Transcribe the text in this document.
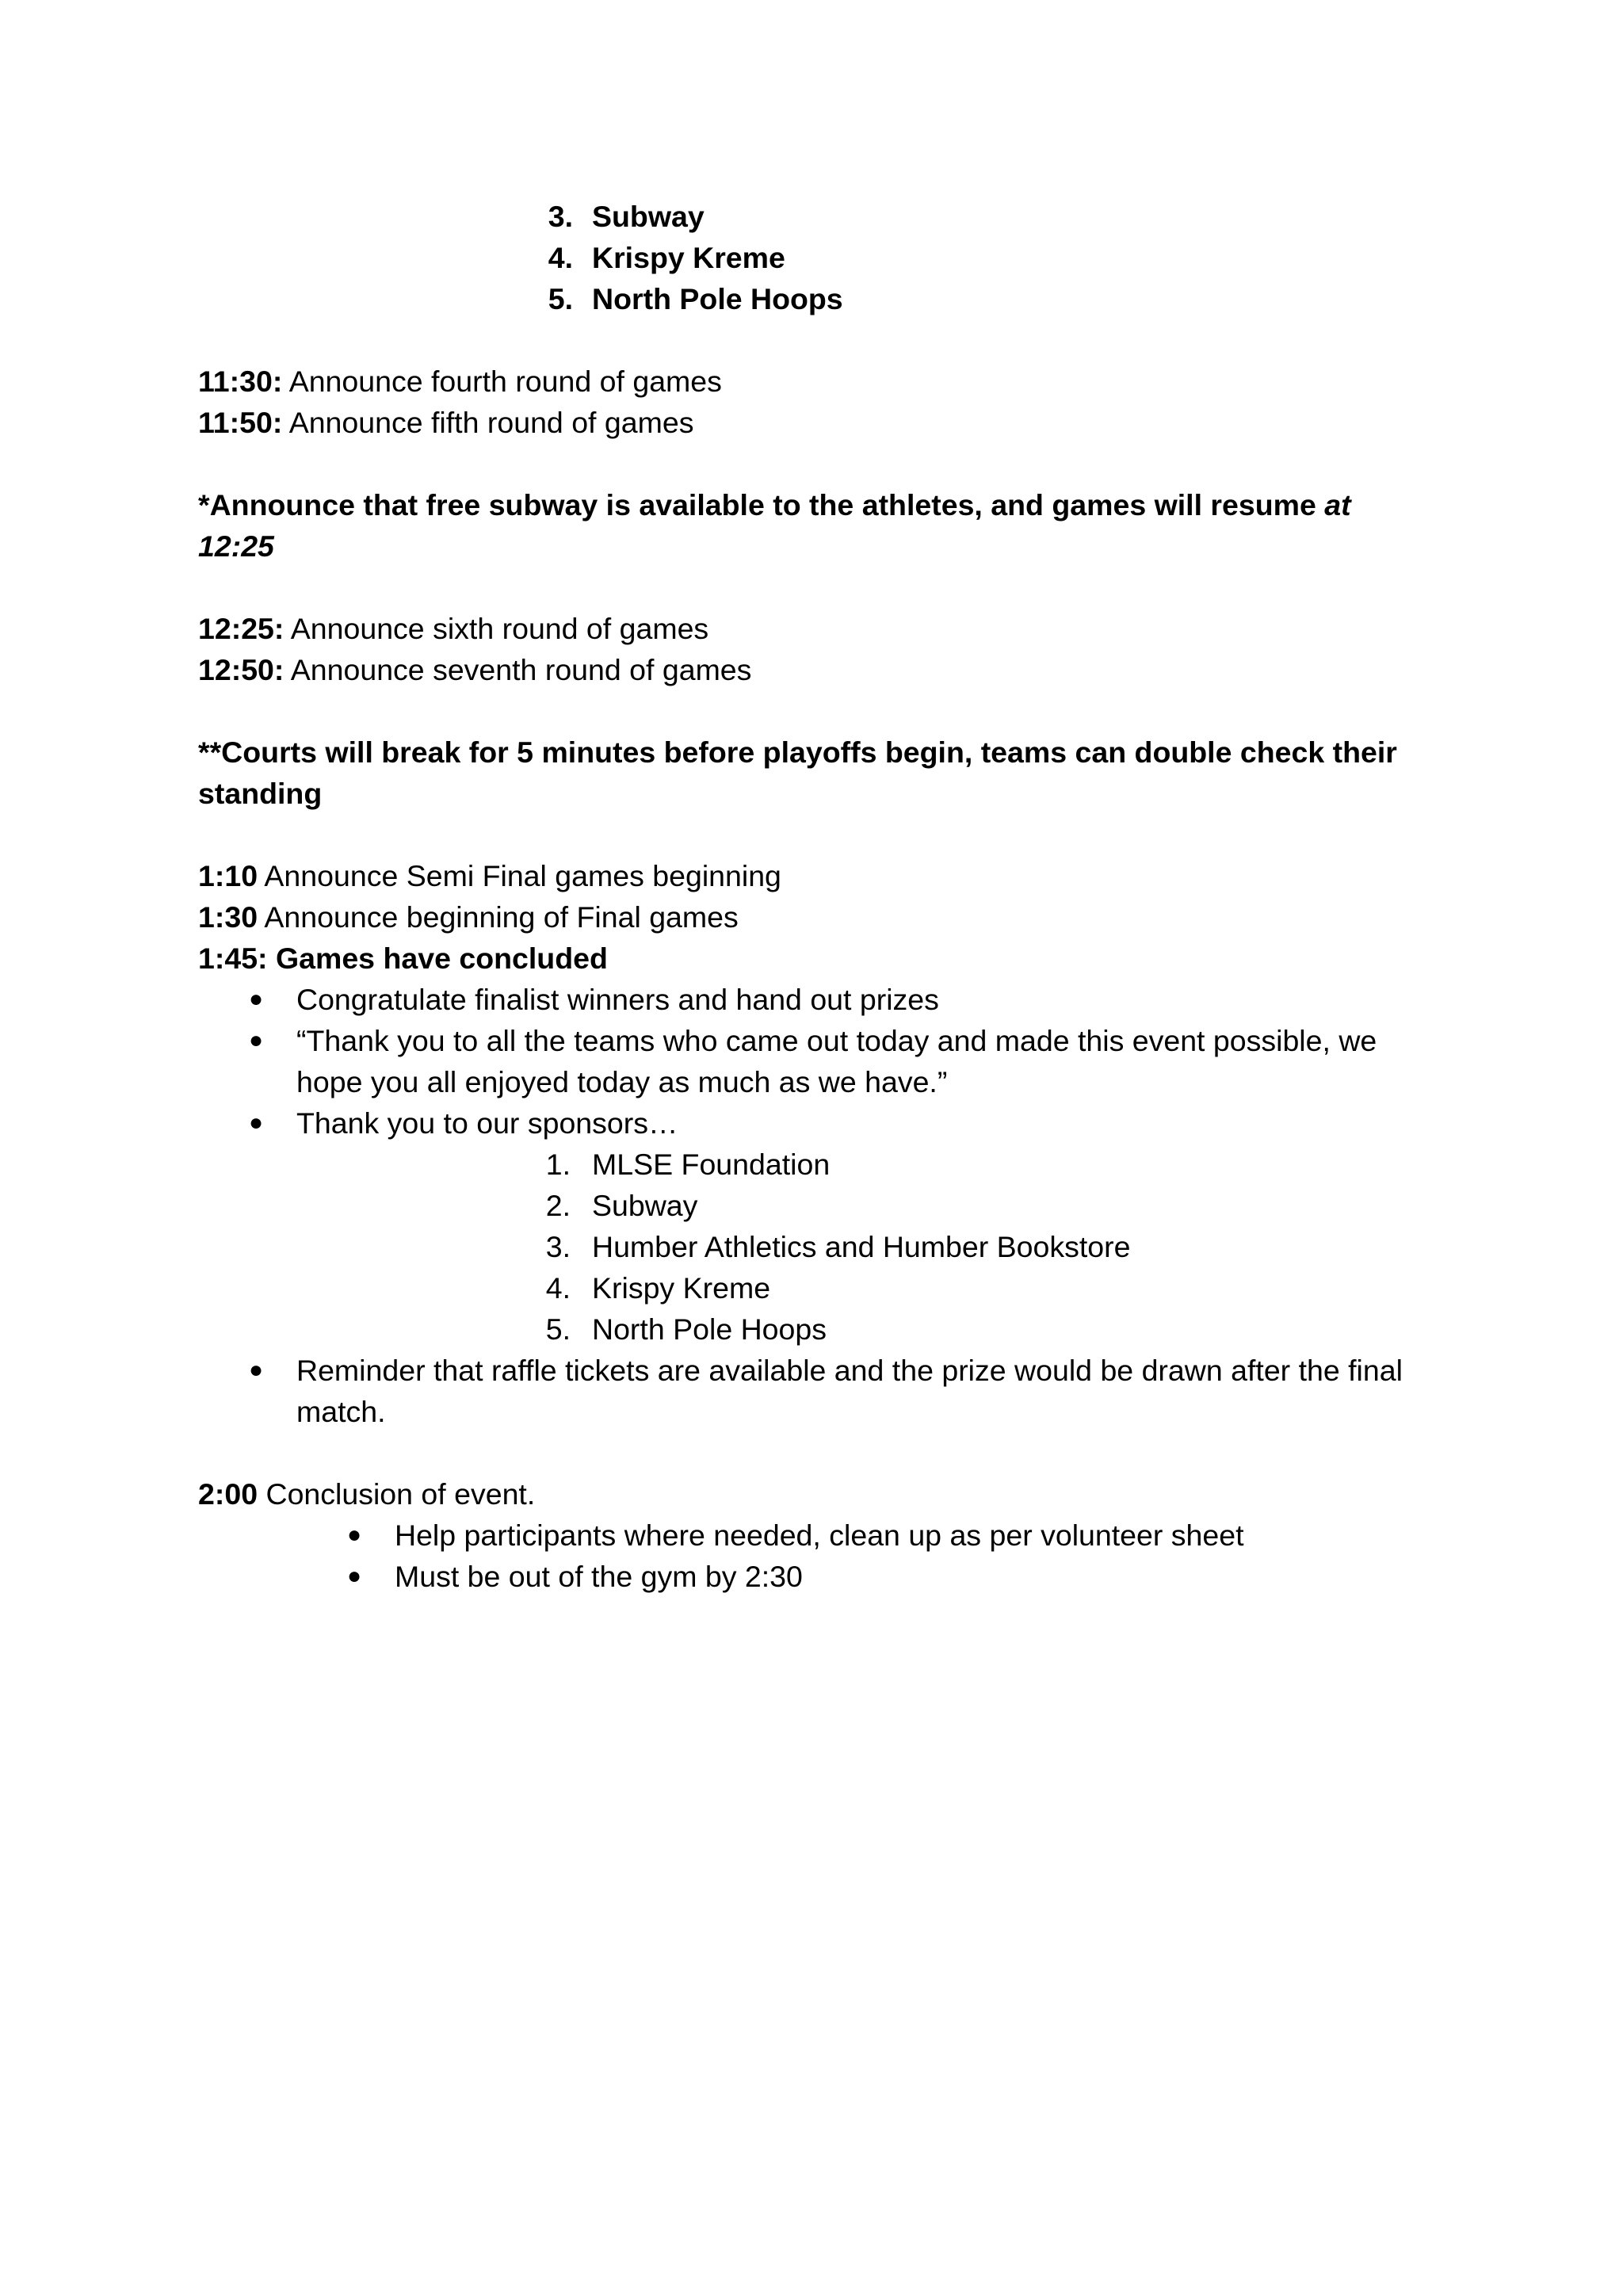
3. Subway
4. Krispy Kreme
5. North Pole Hoops
11:30: Announce fourth round of games
11:50: Announce fifth round of games
*Announce that free subway is available to the athletes, and games will resume at
12:25
12:25: Announce sixth round of games
12:50: Announce seventh round of games
**Courts will break for 5 minutes before playoffs begin, teams can double check their
standing
1:10 Announce Semi Final games beginning
1:30 Announce beginning of Final games
1:45: Games have concluded
● Congratulate finalist winners and hand out prizes
● “Thank you to all the teams who came out today and made this event possible, we
hope you all enjoyed today as much as we have.”
● Thank you to our sponsors…
1. MLSE Foundation
2. Subway
3. Humber Athletics and Humber Bookstore
4. Krispy Kreme
5. North Pole Hoops
● Reminder that raffle tickets are available and the prize would be drawn after the final
match.
2:00 Conclusion of event.
● Help participants where needed, clean up as per volunteer sheet
● Must be out of the gym by 2:30
